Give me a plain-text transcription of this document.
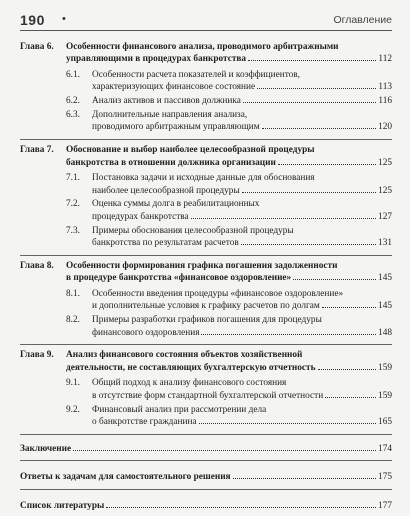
190 •	Оглавление
Глава 6.	Особенности финансового анализа, проводимого арбитражными
управляющими в процедурах банкротства	112
6.1.	Особенности расчета показателей и коэффициентов,
характеризующих финансовое состояние	113
6.2.	Анализ активов и пассивов должника	116
6.3.	Дополнительные направления анализа,
проводимого арбитражным управляющим	120
Глава 7.	Обоснование и выбор наиболее целесообразной процедуры
банкротства в отношении должника организации	125
7.1.	Постановка задачи и исходные данные для обоснования
наиболее целесообразной процедуры	125
7.2.	Оценка суммы долга в реабилитационных
процедурах банкротства	127
7.3.	Примеры обоснования целесообразной процедуры
банкротства по результатам расчетов	131
Глава 8.	Особенности формирования графика погашения задолженности
в процедуре банкротства «финансовое оздоровление»	145
8.1.	Особенности введения процедуры «финансовое оздоровление»
и дополнительные условия к графику расчетов по долгам	145
8.2.	Примеры разработки графиков погашения для процедуры
финансового оздоровления	148
Глава 9.	Анализ финансового состояния объектов хозяйственной
деятельности, не составляющих бухгалтерскую отчетность	159
9.1.	Общий подход к анализу финансового состояния
в отсутствие форм стандартной бухгалтерской отчетности	159
9.2.	Финансовый анализ при рассмотрении дела
о банкротстве гражданина	165
Заключение	174
Ответы к задачам для самостоятельного решения	175
Список литературы	177
